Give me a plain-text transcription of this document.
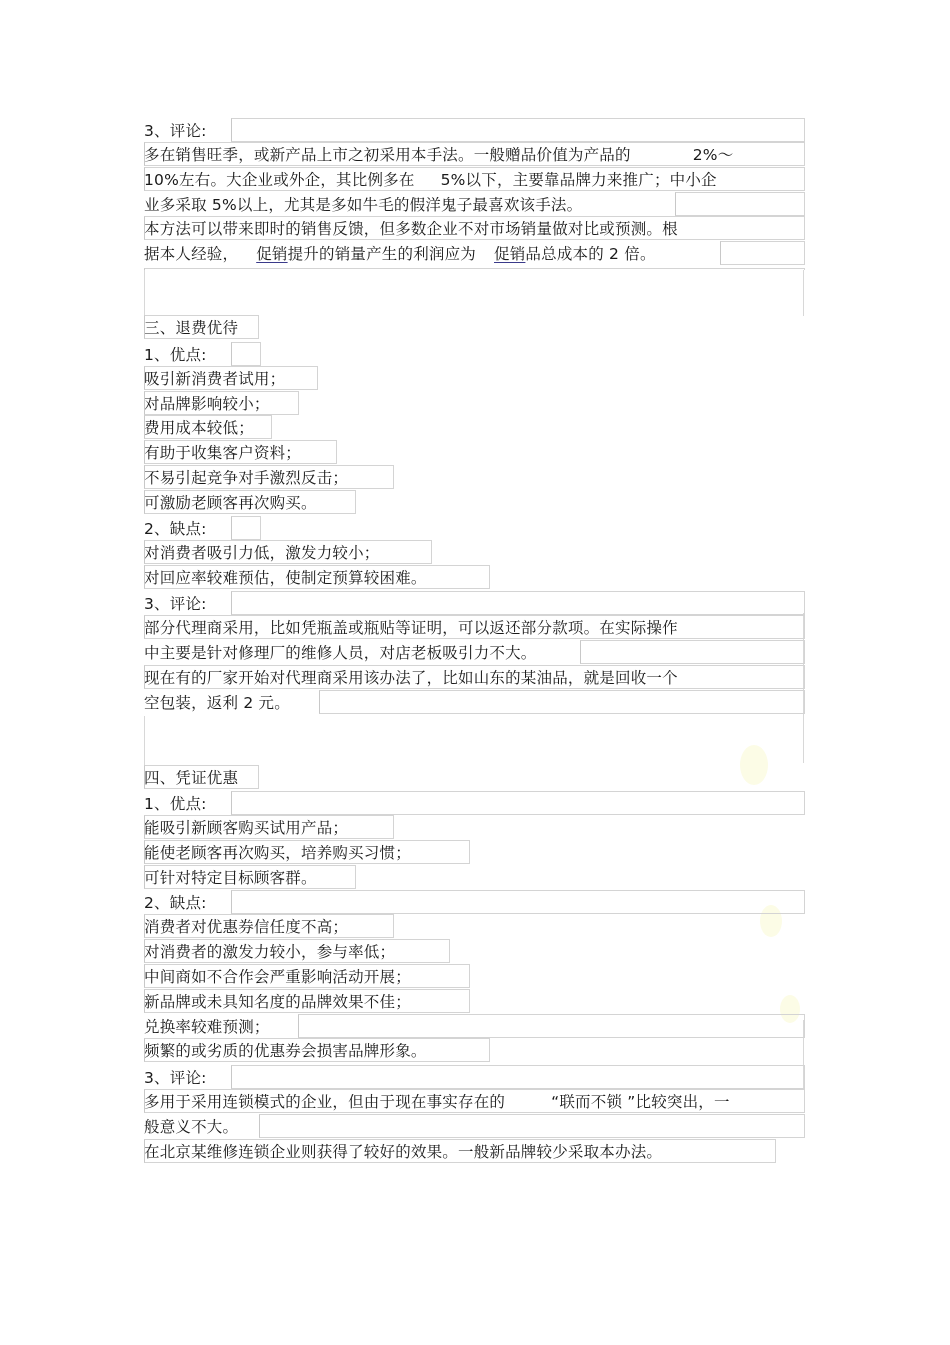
3、评论:
多在销售旺季，或新产品上市之初采用本手法。一般赠品价值为产品的	2%～
10%左右。大企业或外企，其比例多在 5%以下，主要靠品牌力来推广；中小企
业多采取 5%以上，尤其是多如牛毛的假洋鬼子最喜欢该手法。
本方法可以带来即时的销售反馈，但多数企业不对市场销量做对比或预测。根
据本人经验， 促销提升的销量产生的利润应为 促销品总成本的 2 倍。
三、退费优待
1、优点:
吸引新消费者试用；
对品牌影响较小；
费用成本较低；
有助于收集客户资料；
不易引起竞争对手激烈反击；
可激励老顾客再次购买。
2、缺点:
对消费者吸引力低，激发力较小；
对回应率较难预估，使制定预算较困难。
3、评论:
部分代理商采用，比如凭瓶盖或瓶贴等证明，可以返还部分款项。在实际操作
中主要是针对修理厂的维修人员，对店老板吸引力不大。
现在有的厂家开始对代理商采用该办法了，比如山东的某油品，就是回收一个
空包装，返利 2 元。
四、凭证优惠
1、优点:
能吸引新顾客购买试用产品；
能使老顾客再次购买，培养购买习惯；
可针对特定目标顾客群。
2、缺点:
消费者对优惠券信任度不高；
对消费者的激发力较小，参与率低；
中间商如不合作会严重影响活动开展；
新品牌或未具知名度的品牌效果不佳；
兑换率较难预测；
频繁的或劣质的优惠券会损害品牌形象。
3、评论:
多用于采用连锁模式的企业，但由于现在事实存在的	“联而不锁 ”比较突出，一
般意义不大。
在北京某维修连锁企业则获得了较好的效果。一般新品牌较少采取本办法。
